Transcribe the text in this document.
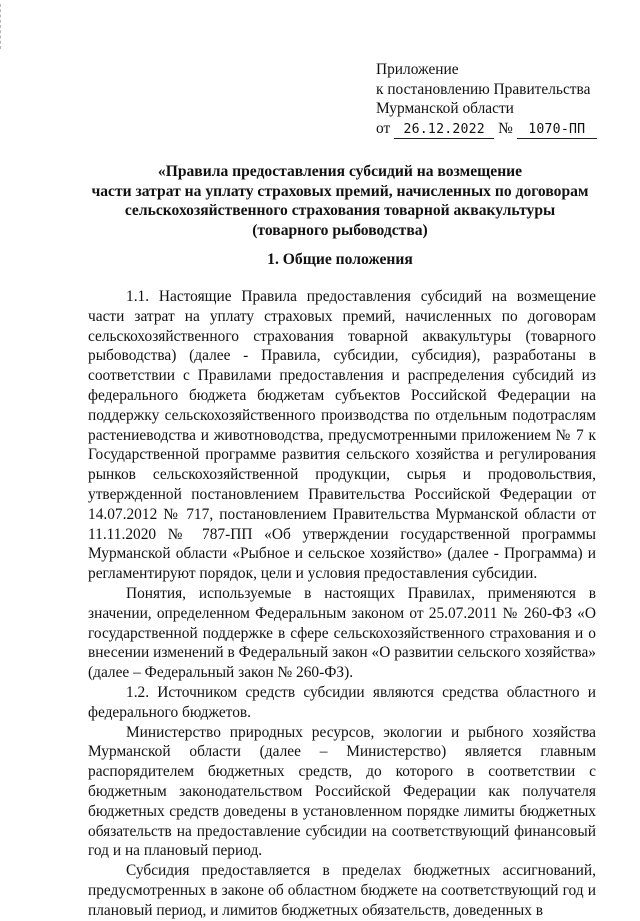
Приложение
к постановлению Правительства
Мурманской области
от 26.12.2022 № 1070-ПП
«Правила предоставления субсидий на возмещение
части затрат на уплату страховых премий, начисленных по договорам
сельскохозяйственного страхования товарной аквакультуры
(товарного рыбоводства)
1. Общие положения

1.1. Настоящие Правила предоставления субсидий на возмещение части затрат на уплату страховых премий, начисленных по договорам сельскохозяйственного страхования товарной аквакультуры (товарного рыбоводства) (далее - Правила, субсидии, субсидия), разработаны в соответствии с Правилами предоставления и распределения субсидий из федерального бюджета бюджетам субъектов Российской Федерации на поддержку сельскохозяйственного производства по отдельным подотраслям растениеводства и животноводства, предусмотренными приложением № 7 к Государственной программе развития сельского хозяйства и регулирования рынков сельскохозяйственной продукции, сырья и продовольствия, утвержденной постановлением Правительства Российской Федерации от 14.07.2012 № 717, постановлением Правительства Мурманской области от 11.11.2020 № 787-ПП «Об утверждении государственной программы Мурманской области «Рыбное и сельское хозяйство» (далее - Программа) и регламентируют порядок, цели и условия предоставления субсидии.

Понятия, используемые в настоящих Правилах, применяются в значении, определенном Федеральным законом от 25.07.2011 № 260-ФЗ «О государственной поддержке в сфере сельскохозяйственного страхования и о внесении изменений в Федеральный закон «О развитии сельского хозяйства» (далее – Федеральный закон № 260-ФЗ).

1.2. Источником средств субсидии являются средства областного и федерального бюджетов.

Министерство природных ресурсов, экологии и рыбного хозяйства Мурманской области (далее – Министерство) является главным распорядителем бюджетных средств, до которого в соответствии с бюджетным законодательством Российской Федерации как получателя бюджетных средств доведены в установленном порядке лимиты бюджетных обязательств на предоставление субсидии на соответствующий финансовый год и на плановый период.

Субсидия предоставляется в пределах бюджетных ассигнований, предусмотренных в законе об областном бюджете на соответствующий год и плановый период, и лимитов бюджетных обязательств, доведенных в
